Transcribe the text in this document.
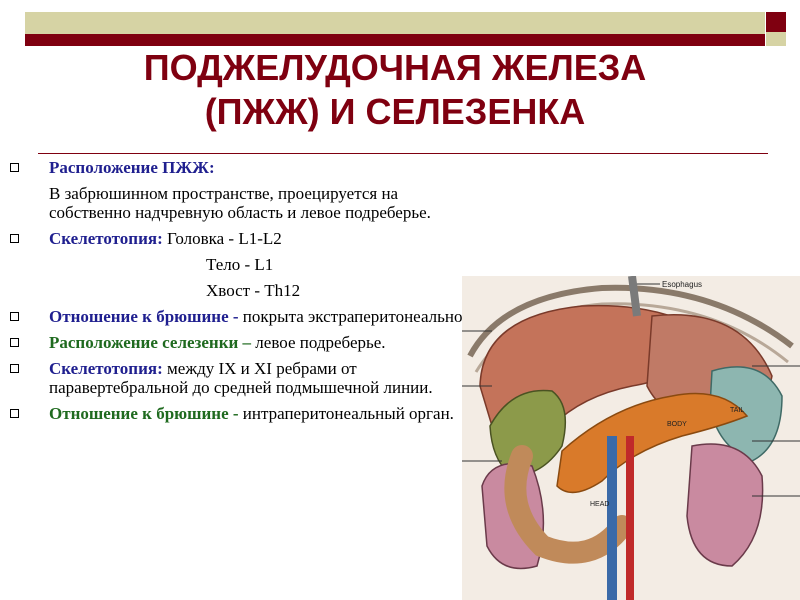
ПОДЖЕЛУДОЧНАЯ ЖЕЛЕЗА
(ПЖЖ) И СЕЛЕЗЕНКА
Расположение ПЖЖ:
В забрюшинном пространстве, проецируется на собственно надчревную область и левое подреберье.
Скелетотопия: Головка - L1-L2
Тело - L1
Хвост - Th12
Отношение к брюшине - покрыта экстраперитонеально
Расположение селезенки – левое подреберье.
Скелетотопия: между IX и XI ребрами от паравертебральной до средней подмышечной линии.
Отношение к брюшине - интраперитонеальный орган.
Esophagus
BODY
TAIL
HEAD
